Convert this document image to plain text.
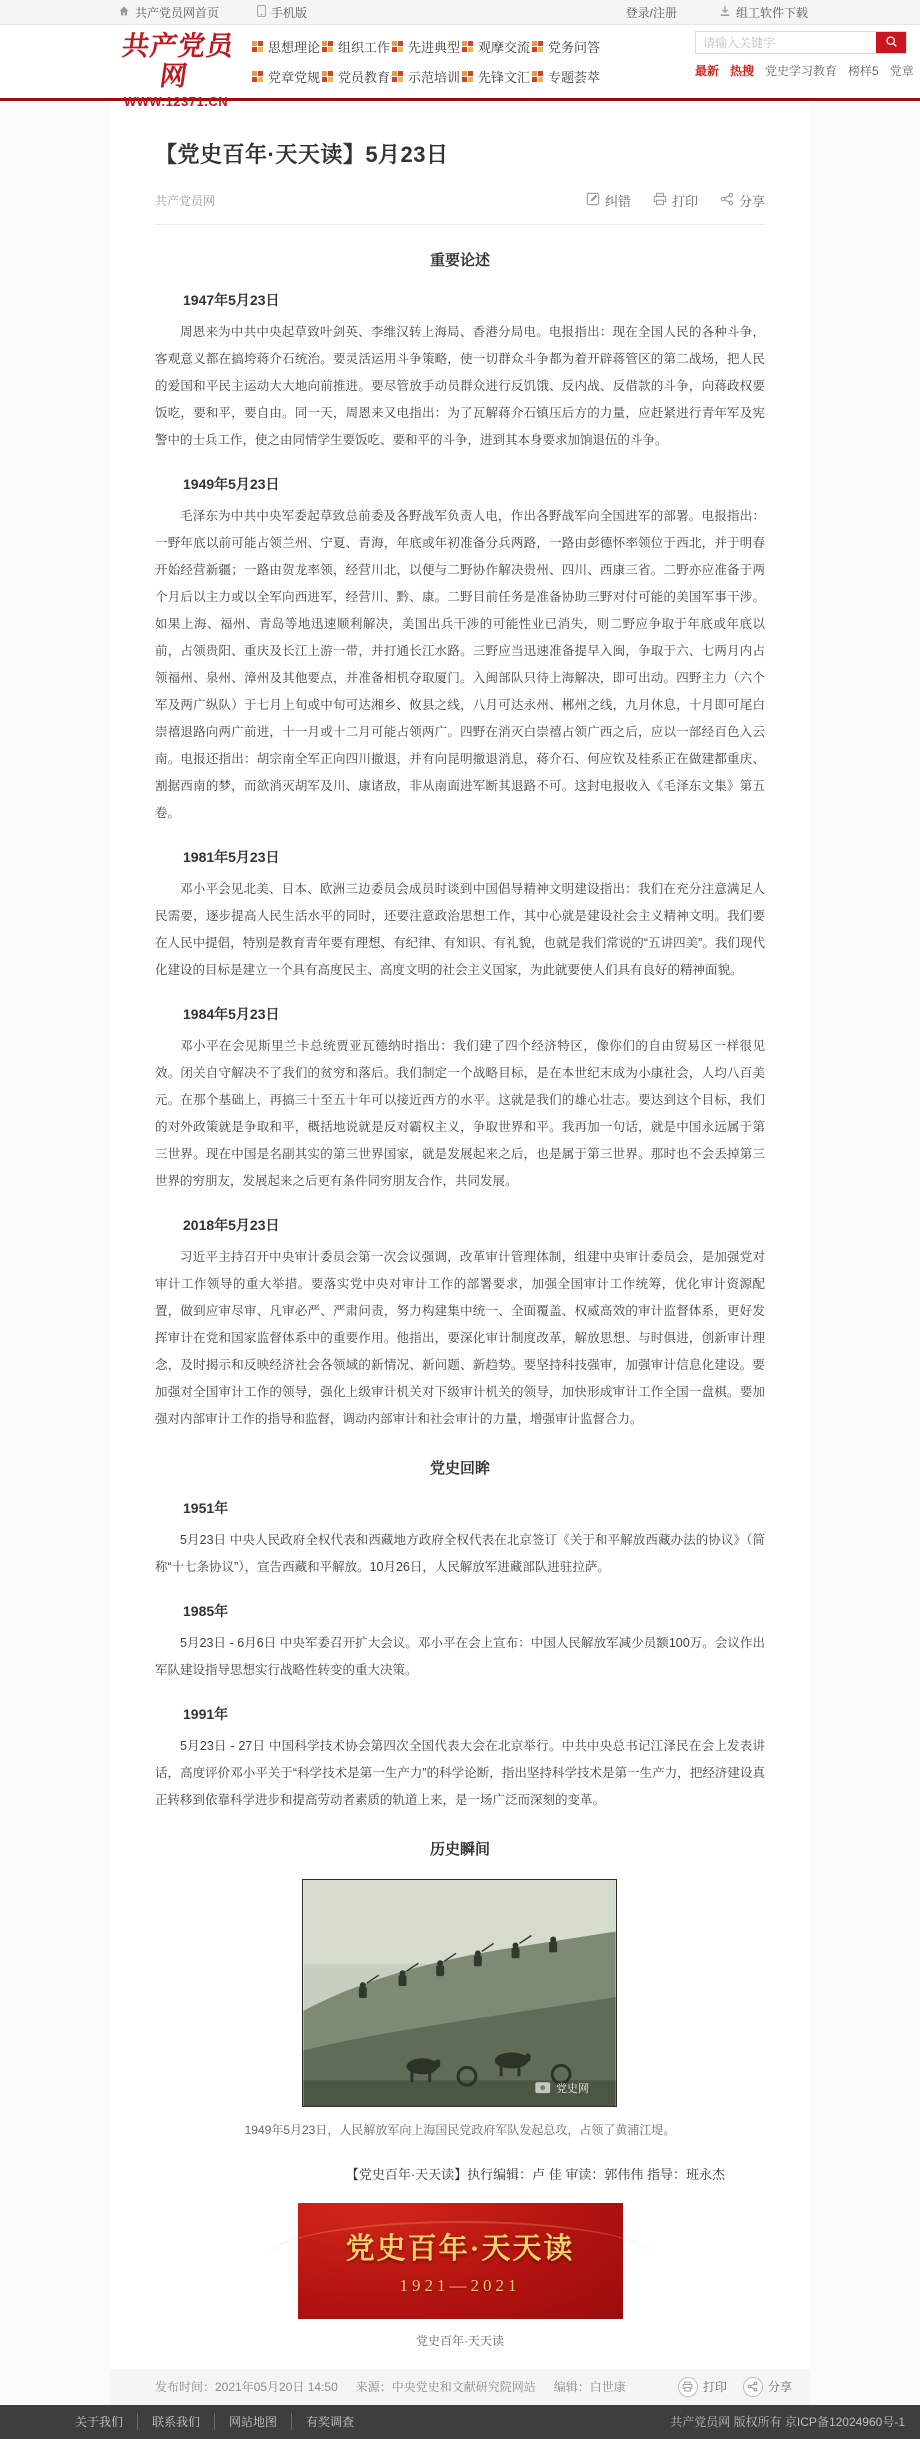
共产党员网首页	手机版	登录/注册	组工软件下载
共产党员网
WWW.12371.CN
思想理论 组织工作 先进典型 观摩交流 党务问答
党章党规 党员教育 示范培训 先锋文汇 专题荟萃
请输入关键字	最新 热搜 党史学习教育 榜样5 党章
【党史百年·天天读】5月23日
共产党员网	纠错	打印	分享
重要论述
1947年5月23日

周恩来为中共中央起草致叶剑英、李维汉转上海局、香港分局电。电报指出：现在全国人民的各种斗争，客观意义都在搞垮蒋介石统治。要灵活运用斗争策略，使一切群众斗争都为着开辟蒋管区的第二战场，把人民的爱国和平民主运动大大地向前推进。要尽管放手动员群众进行反饥饿、反内战、反借款的斗争，向蒋政权要饭吃，要和平，要自由。同一天，周恩来又电指出：为了瓦解蒋介石镇压后方的力量，应赶紧进行青年军及宪警中的士兵工作，使之由同情学生要饭吃、要和平的斗争，进到其本身要求加饷退伍的斗争。

1949年5月23日

毛泽东为中共中央军委起草致总前委及各野战军负责人电，作出各野战军向全国进军的部署。电报指出：一野年底以前可能占领兰州、宁夏、青海，年底或年初准备分兵两路，一路由彭德怀率领位于西北，并于明春开始经营新疆；一路由贺龙率领，经营川北，以便与二野协作解决贵州、四川、西康三省。二野亦应准备于两个月后以主力或以全军向西进军，经营川、黔、康。二野目前任务是准备协助三野对付可能的美国军事干涉。如果上海、福州、青岛等地迅速顺利解决，美国出兵干涉的可能性业已消失，则二野应争取于年底或年底以前，占领贵阳、重庆及长江上游一带，并打通长江水路。三野应当迅速准备提早入闽，争取于六、七两月内占领福州、泉州、漳州及其他要点，并准备相机夺取厦门。入闽部队只待上海解决，即可出动。四野主力（六个军及两广纵队）于七月上旬或中旬可达湘乡、攸县之线，八月可达永州、郴州之线，九月休息，十月即可尾白崇禧退路向两广前进，十一月或十二月可能占领两广。四野在消灭白崇禧占领广西之后，应以一部经百色入云南。电报还指出：胡宗南全军正向四川撤退，并有向昆明撤退消息，蒋介石、何应钦及桂系正在做建都重庆、割据西南的梦，而欲消灭胡军及川、康诸敌，非从南面进军断其退路不可。这封电报收入《毛泽东文集》第五卷。

1981年5月23日

邓小平会见北美、日本、欧洲三边委员会成员时谈到中国倡导精神文明建设指出：我们在充分注意满足人民需要，逐步提高人民生活水平的同时，还要注意政治思想工作，其中心就是建设社会主义精神文明。我们要在人民中提倡，特别是教育青年要有理想、有纪律、有知识、有礼貌，也就是我们常说的“五讲四美”。我们现代化建设的目标是建立一个具有高度民主、高度文明的社会主义国家，为此就要使人们具有良好的精神面貌。

1984年5月23日

邓小平在会见斯里兰卡总统贾亚瓦德纳时指出：我们建了四个经济特区，像你们的自由贸易区一样很见效。闭关自守解决不了我们的贫穷和落后。我们制定一个战略目标，是在本世纪末成为小康社会，人均八百美元。在那个基础上，再搞三十至五十年可以接近西方的水平。这就是我们的雄心壮志。要达到这个目标，我们的对外政策就是争取和平，概括地说就是反对霸权主义，争取世界和平。我再加一句话，就是中国永远属于第三世界。现在中国是名副其实的第三世界国家，就是发展起来之后，也是属于第三世界。那时也不会丢掉第三世界的穷朋友，发展起来之后更有条件同穷朋友合作，共同发展。

2018年5月23日

习近平主持召开中央审计委员会第一次会议强调，改革审计管理体制，组建中央审计委员会，是加强党对审计工作领导的重大举措。要落实党中央对审计工作的部署要求，加强全国审计工作统筹，优化审计资源配置，做到应审尽审、凡审必严、严肃问责，努力构建集中统一、全面覆盖、权威高效的审计监督体系，更好发挥审计在党和国家监督体系中的重要作用。他指出，要深化审计制度改革，解放思想、与时俱进，创新审计理念，及时揭示和反映经济社会各领域的新情况、新问题、新趋势。要坚持科技强审，加强审计信息化建设。要加强对全国审计工作的领导，强化上级审计机关对下级审计机关的领导，加快形成审计工作全国一盘棋。要加强对内部审计工作的指导和监督，调动内部审计和社会审计的力量，增强审计监督合力。

党史回眸
1951年

5月23日 中央人民政府全权代表和西藏地方政府全权代表在北京签订《关于和平解放西藏办法的协议》（简称“十七条协议”），宣告西藏和平解放。10月26日，人民解放军进藏部队进驻拉萨。

1985年

5月23日 - 6月6日 中央军委召开扩大会议。邓小平在会上宣布：中国人民解放军减少员额100万。会议作出军队建设指导思想实行战略性转变的重大决策。

1991年

5月23日 - 27日 中国科学技术协会第四次全国代表大会在北京举行。中共中央总书记江泽民在会上发表讲话，高度评价邓小平关于“科学技术是第一生产力”的科学论断，指出坚持科学技术是第一生产力，把经济建设真正转移到依靠科学进步和提高劳动者素质的轨道上来，是一场广泛而深刻的变革。

历史瞬间
党史网
1949年5月23日，人民解放军向上海国民党政府军队发起总攻，占领了黄浦江堤。
【党史百年·天天读】执行编辑：卢 佳 审读：郭伟伟 指导：班永杰
党史百年·天天读
1921—2021
党史百年·天天读
发布时间：2021年05月20日 14:50 来源：中央党史和文献研究院网站 编辑：白世康	打印	分享
关于我们	联系我们	网站地图	有奖调查	共产党员网 版权所有 京ICP备12024960号-1
